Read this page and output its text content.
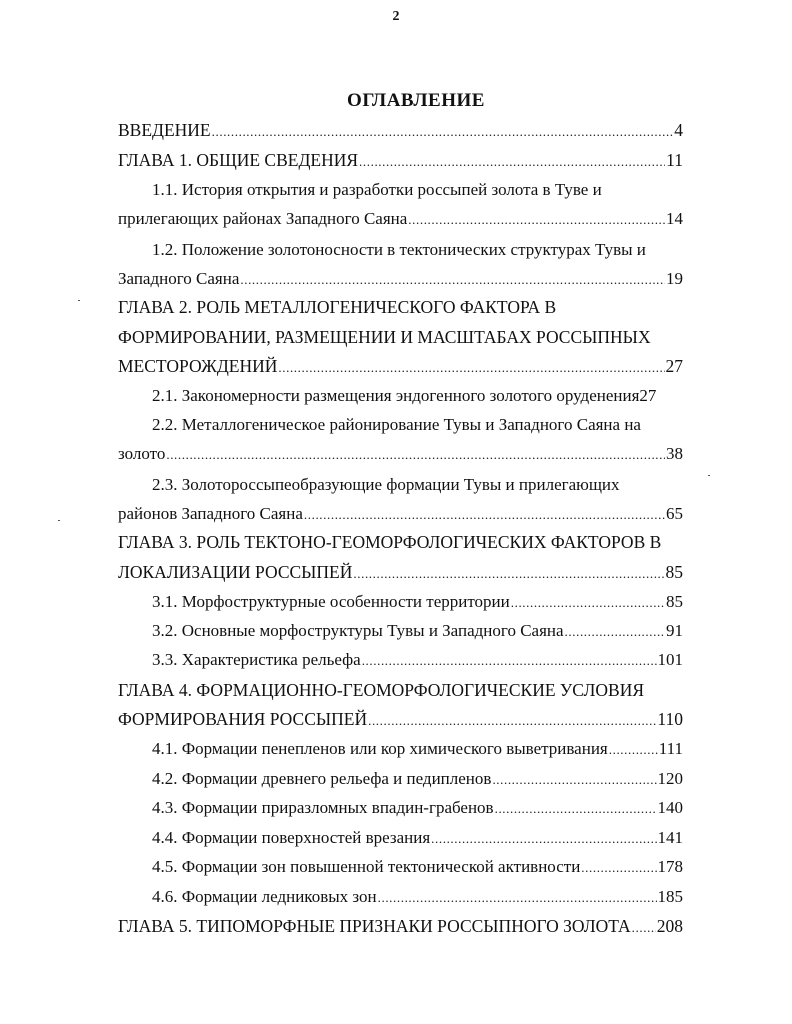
2
ОГЛАВЛЕНИЕ
ВВЕДЕНИЕ .....	4
ГЛАВА 1. ОБЩИЕ СВЕДЕНИЯ .....	11
1.1. История открытия и разработки россыпей золота в Туве и
прилегающих районах Западного Саяна .....	14
1.2. Положение золотоносности в тектонических структурах Тувы и
Западного Саяна .....	19
ГЛАВА 2. РОЛЬ МЕТАЛЛОГЕНИЧЕСКОГО ФАКТОРА В
ФОРМИРОВАНИИ, РАЗМЕЩЕНИИ И МАСШТАБАХ РОССЫПНЫХ
МЕСТОРОЖДЕНИЙ .....	27
2.1. Закономерности размещения эндогенного золотого оруденения 27
2.2. Металлогеническое районирование Тувы и Западного Саяна на
золото .....	38
2.3. Золотороссыпеобразующие формации Тувы и прилегающих
районов Западного Саяна .....	65
ГЛАВА 3. РОЛЬ ТЕКТОНО-ГЕОМОРФОЛОГИЧЕСКИХ ФАКТОРОВ В
ЛОКАЛИЗАЦИИ РОССЫПЕЙ .....	85
3.1. Морфоструктурные особенности территории .....	85
3.2. Основные морфоструктуры Тувы и Западного Саяна .....	91
3.3. Характеристика рельефа .....	101
ГЛАВА 4. ФОРМАЦИОННО-ГЕОМОРФОЛОГИЧЕСКИЕ УСЛОВИЯ
ФОРМИРОВАНИЯ РОССЫПЕЙ .....	110
4.1. Формации пенепленов или кор химического выветривания .....	111
4.2. Формации древнего рельефа и педипленов .....	120
4.3. Формации приразломных впадин-грабенов .....	140
4.4. Формации поверхностей врезания .....	141
4.5. Формации зон повышенной тектонической активности .....	178
4.6. Формации ледниковых зон .....	185
ГЛАВА 5. ТИПОМОРФНЫЕ ПРИЗНАКИ РОССЫПНОГО ЗОЛОТА ..... 208
